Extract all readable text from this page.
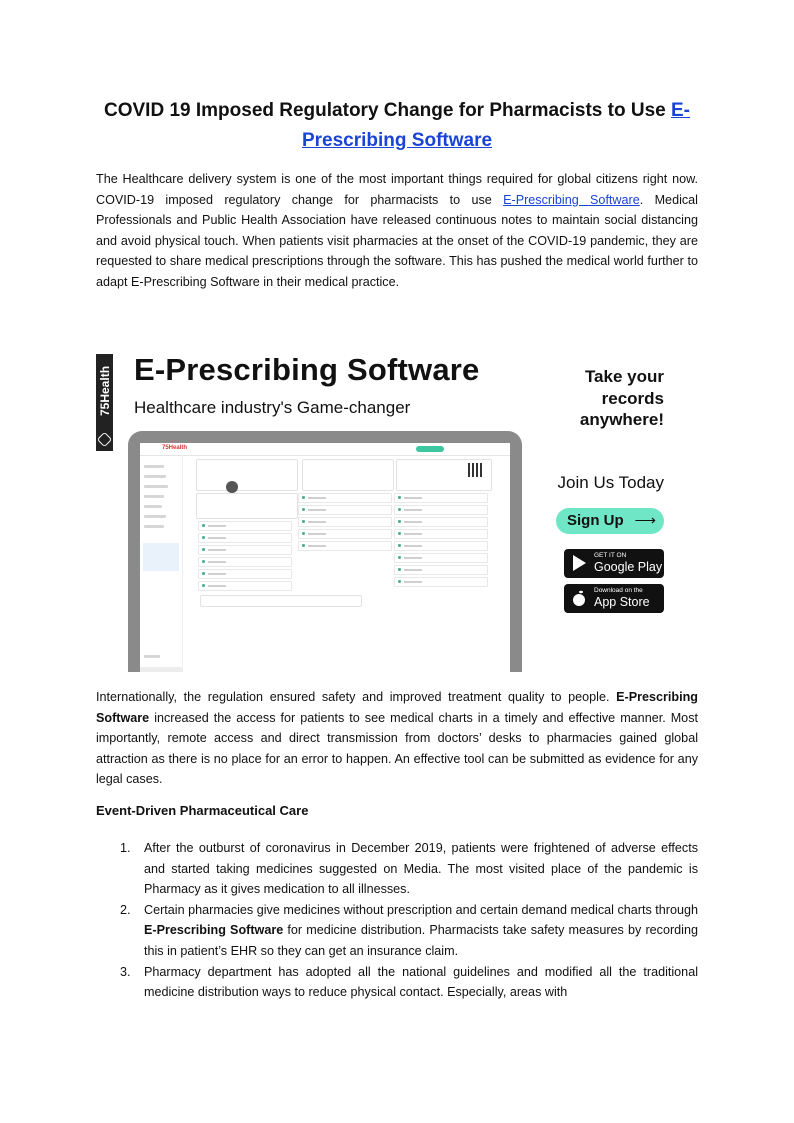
COVID 19 Imposed Regulatory Change for Pharmacists to Use E-Prescribing Software

The Healthcare delivery system is one of the most important things required for global citizens right now. COVID-19 imposed regulatory change for pharmacists to use E-Prescribing Software. Medical Professionals and Public Health Association have released continuous notes to maintain social distancing and avoid physical touch. When patients visit pharmacies at the onset of the COVID-19 pandemic, they are requested to share medical prescriptions through the software. This has pushed the medical world further to adapt E-Prescribing Software in their medical practice.

75Health E-Prescribing Software
Healthcare industry's Game-changer
Take your records anywhere!
Join Us Today
Sign Up ⟶
GET IT ON
Google Play
Download on the
App Store
75Health

Internationally, the regulation ensured safety and improved treatment quality to people. E-Prescribing Software increased the access for patients to see medical charts in a timely and effective manner. Most importantly, remote access and direct transmission from doctors’ desks to pharmacies gained global attraction as there is no place for an error to happen. An effective tool can be submitted as evidence for any legal cases.

Event-Driven Pharmaceutical Care
1. After the outburst of coronavirus in December 2019, patients were frightened of adverse effects and started taking medicines suggested on Media. The most visited place of the pandemic is Pharmacy as it gives medication to all illnesses.
2. Certain pharmacies give medicines without prescription and certain demand medical charts through E-Prescribing Software for medicine distribution. Pharmacists take safety measures by recording this in patient’s EHR so they can get an insurance claim.
3. Pharmacy department has adopted all the national guidelines and modified all the traditional medicine distribution ways to reduce physical contact. Especially, areas with
